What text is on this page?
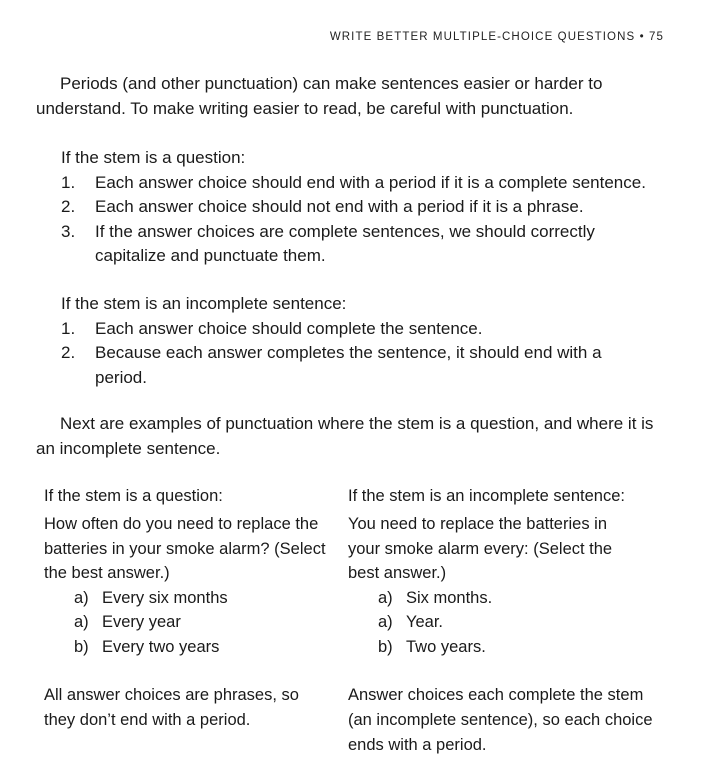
WRITE BETTER MULTIPLE-CHOICE QUESTIONS • 75

Periods (and other punctuation) can make sentences easier or harder to understand. To make writing easier to read, be careful with punctuation.

If the stem is a question:
1. Each answer choice should end with a period if it is a complete sentence.
2. Each answer choice should not end with a period if it is a phrase.
3. If the answer choices are complete sentences, we should correctly capitalize and punctuate them.
If the stem is an incomplete sentence:
1. Each answer choice should complete the sentence.
2. Because each answer completes the sentence, it should end with a period.

Next are examples of punctuation where the stem is a question, and where it is an incomplete sentence.

If the stem is a question:
How often do you need to replace the batteries in your smoke alarm? (Select the best answer.)
a) Every six months
a) Every year
b) Every two years
All answer choices are phrases, so they don’t end with a period.
If the stem is an incomplete sentence:
You need to replace the batteries in your smoke alarm every: (Select the best answer.)
a) Six months.
a) Year.
b) Two years.
Answer choices each complete the stem (an incomplete sentence), so each choice ends with a period.
